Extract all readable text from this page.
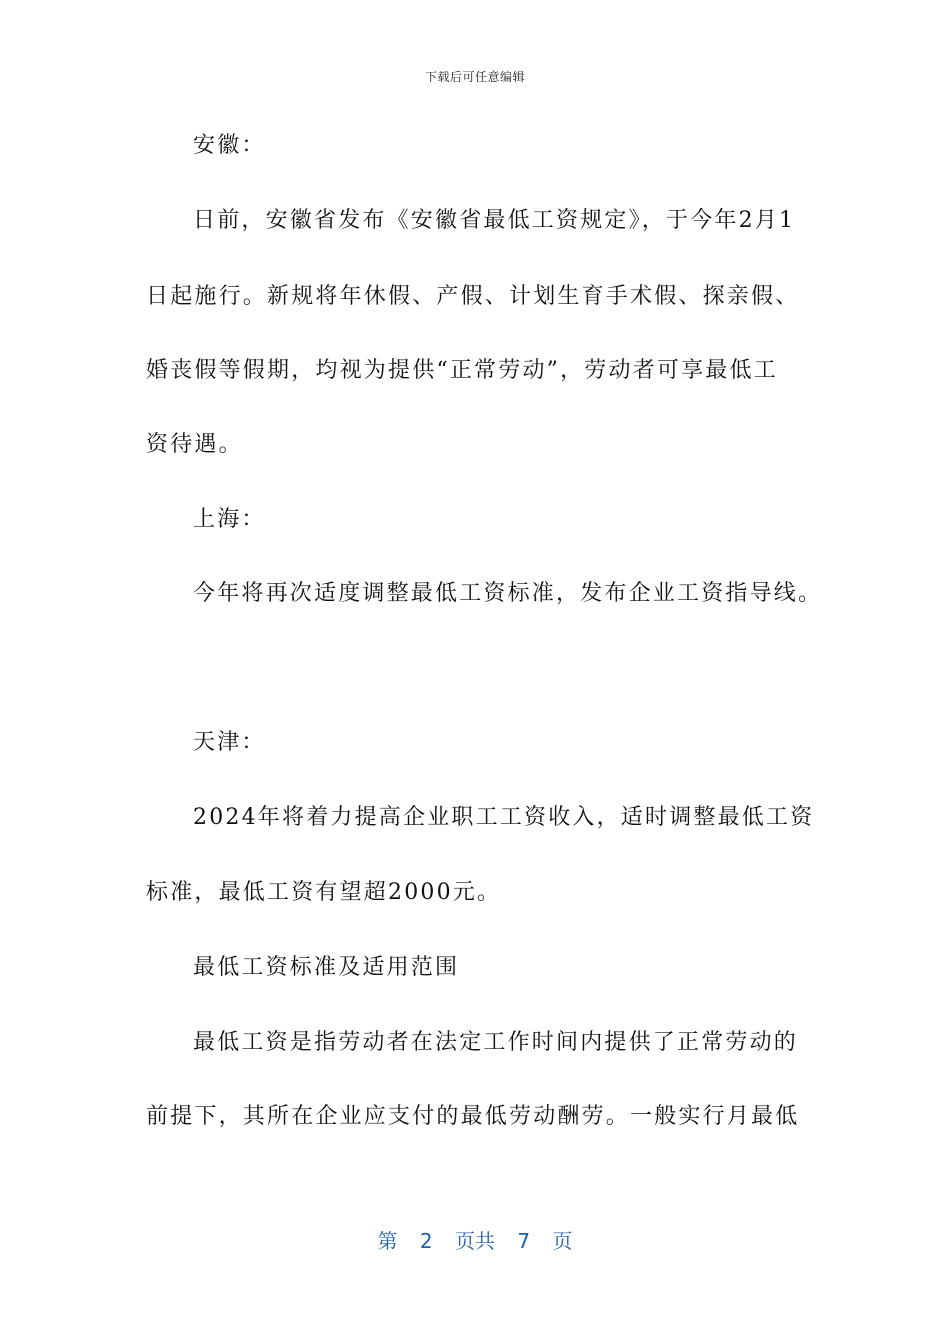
下载后可任意编辑
安徽：
日前，安徽省发布《安徽省最低工资规定》，于今年2月1
日起施行。新规将年休假、产假、计划生育手术假、探亲假、
婚丧假等假期，均视为提供“正常劳动”，劳动者可享最低工
资待遇。
上海：
今年将再次适度调整最低工资标准，发布企业工资指导线。
天津：
2024年将着力提高企业职工工资收入，适时调整最低工资
标准，最低工资有望超2000元。
最低工资标准及适用范围
最低工资是指劳动者在法定工作时间内提供了正常劳动的
前提下，其所在企业应支付的最低劳动酬劳。一般实行月最低
第 2 页共 7 页
